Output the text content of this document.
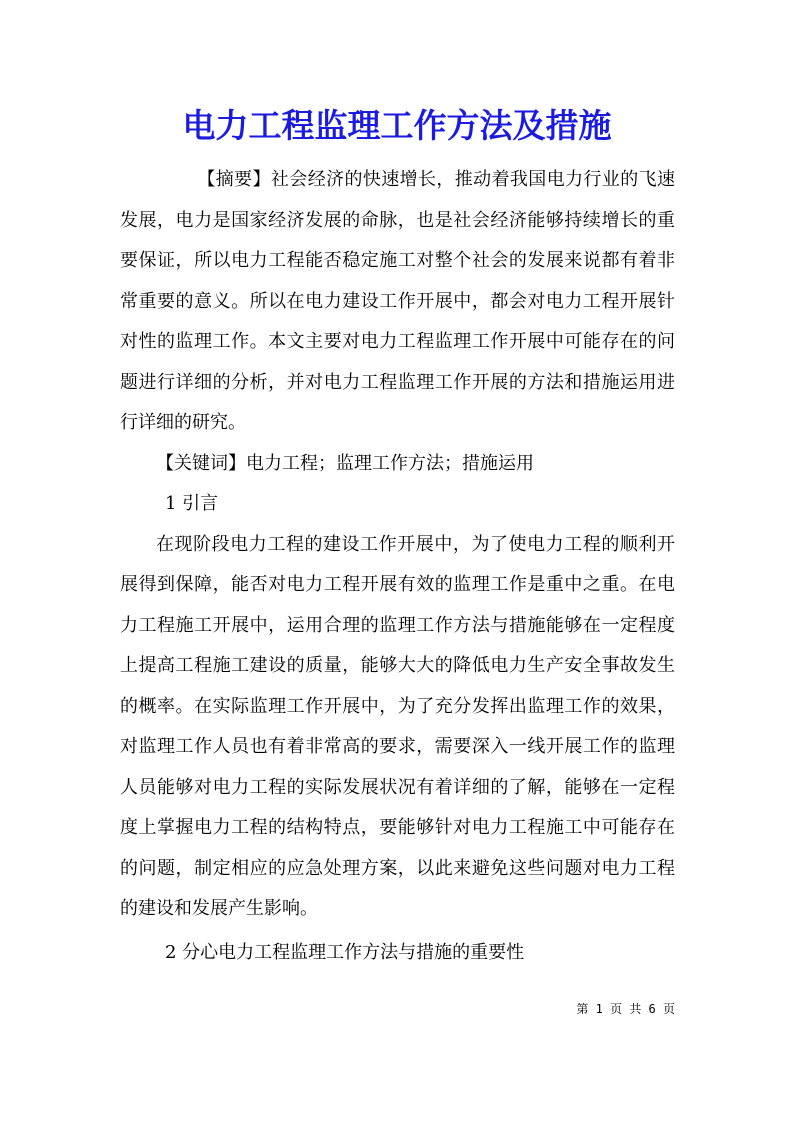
电力工程监理工作方法及措施

【摘要】社会经济的快速增长，推动着我国电力行业的飞速发展，电力是国家经济发展的命脉，也是社会经济能够持续增长的重要保证，所以电力工程能否稳定施工对整个社会的发展来说都有着非常重要的意义。所以在电力建设工作开展中，都会对电力工程开展针对性的监理工作。本文主要对电力工程监理工作开展中可能存在的问题进行详细的分析，并对电力工程监理工作开展的方法和措施运用进行详细的研究。

【关键词】电力工程；监理工作方法；措施运用

1 引言

在现阶段电力工程的建设工作开展中，为了使电力工程的顺利开展得到保障，能否对电力工程开展有效的监理工作是重中之重。在电力工程施工开展中，运用合理的监理工作方法与措施能够在一定程度上提高工程施工建设的质量，能够大大的降低电力生产安全事故发生的概率。在实际监理工作开展中，为了充分发挥出监理工作的效果，对监理工作人员也有着非常高的要求，需要深入一线开展工作的监理人员能够对电力工程的实际发展状况有着详细的了解，能够在一定程度上掌握电力工程的结构特点，要能够针对电力工程施工中可能存在的问题，制定相应的应急处理方案，以此来避免这些问题对电力工程的建设和发展产生影响。

2 分心电力工程监理工作方法与措施的重要性

第 1 页 共 6 页
